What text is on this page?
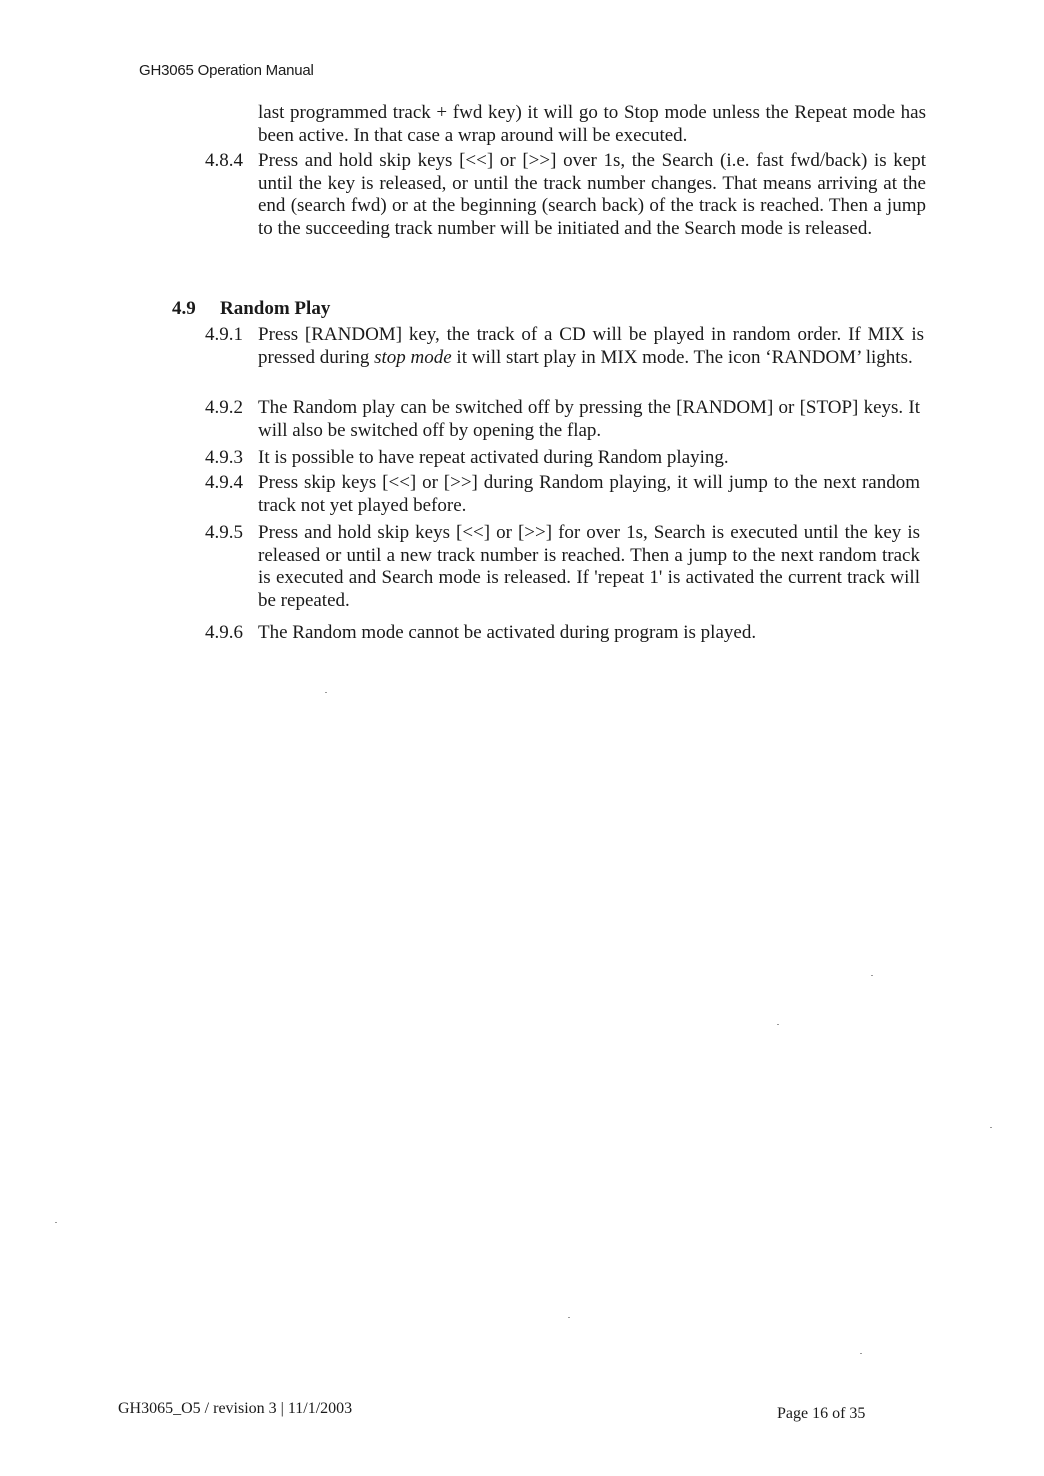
GH3065 Operation Manual
last programmed track + fwd key) it will go to Stop mode unless the Repeat mode has been active. In that case a wrap around will be executed.
4.8.4 Press and hold skip keys [<<] or [>>] over 1s, the Search (i.e. fast fwd/back) is kept until the key is released, or until the track number changes. That means arriving at the end (search fwd) or at the beginning (search back) of the track is reached. Then a jump to the succeeding track number will be initiated and the Search mode is released.
4.9 Random Play
4.9.1 Press [RANDOM] key, the track of a CD will be played in random order. If MIX is pressed during stop mode it will start play in MIX mode. The icon ‘RANDOM’ lights.
4.9.2 The Random play can be switched off by pressing the [RANDOM] or [STOP] keys. It will also be switched off by opening the flap.
4.9.3 It is possible to have repeat activated during Random playing.
4.9.4 Press skip keys [<<] or [>>] during Random playing, it will jump to the next random track not yet played before.
4.9.5 Press and hold skip keys [<<] or [>>] for over 1s, Search is executed until the key is released or until a new track number is reached. Then a jump to the next random track is executed and Search mode is released. If 'repeat 1' is activated the current track will be repeated.
4.9.6 The Random mode cannot be activated during program is played.
GH3065_O5 / revision 3 | 11/1/2003	Page 16 of 35
